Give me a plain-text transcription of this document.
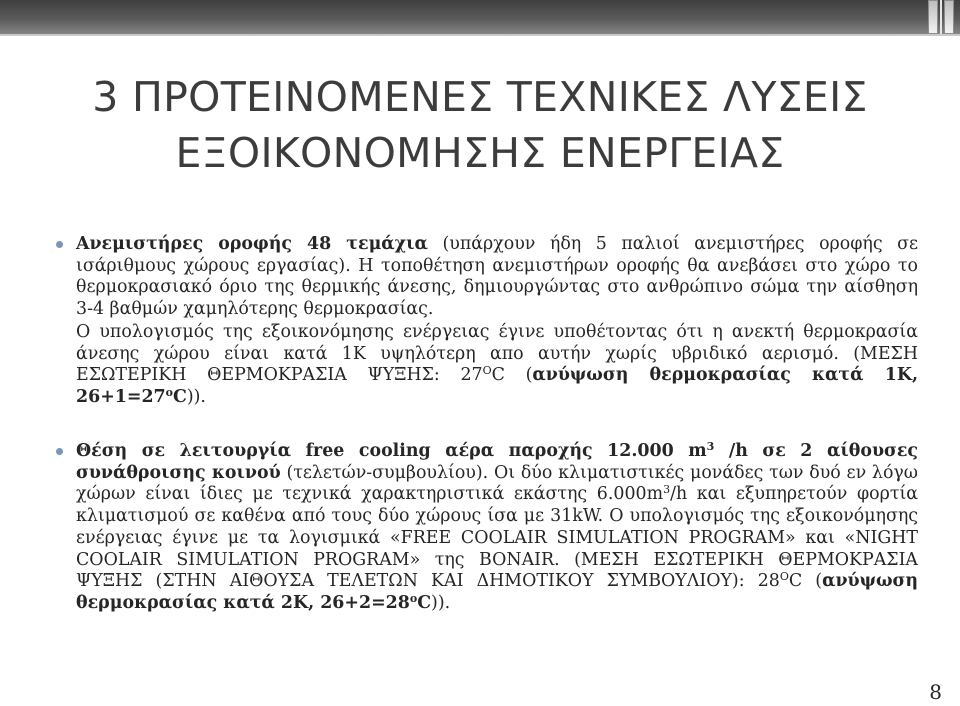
3 ΠΡΟΤΕΙΝΟΜΕΝΕΣ ΤΕΧΝΙΚΕΣ ΛΥΣΕΙΣ
ΕΞΟΙΚΟΝΟΜΗΣΗΣ ΕΝΕΡΓΕΙΑΣ
Ανεμιστήρες οροφής 48 τεμάχια (υπάρχουν ήδη 5 παλιοί ανεμιστήρες οροφής σε ισάριθμους χώρους εργασίας). Η τοποθέτηση ανεμιστήρων οροφής θα ανεβάσει στο χώρο το θερμοκρασιακό όριο της θερμικής άνεσης, δημιουργώντας στο ανθρώπινο σώμα την αίσθηση 3-4 βαθμών χαμηλότερης θερμοκρασίας.
Ο υπολογισμός της εξοικονόμησης ενέργειας έγινε υποθέτοντας ότι η ανεκτή θερμοκρασία άνεσης χώρου είναι κατά 1Κ υψηλότερη απο αυτήν χωρίς υβριδικό αερισμό. (ΜΕΣΗ ΕΣΩΤΕΡΙΚΗ ΘΕΡΜΟΚΡΑΣΙΑ ΨΥΞΗΣ: $27^OC$ (ανύψωση θερμοκρασίας κατά 1Κ, $26+1=27^oC$)).
Θέση σε λειτουργία free cooling αέρα παροχής 12.000 $m^3$ /h σε 2 αίθουσες συνάθροισης κοινού (τελετών-συμβουλίου). Οι δύο κλιματιστικές μονάδες των δυό εν λόγω χώρων είναι ίδιες με τεχνικά χαρακτηριστικά εκάστης $6.000m^3/h$ και εξυπηρετούν φορτία κλιματισμού σε καθένα από τους δύο χώρους ίσα με 31kW. Ο υπολογισμός της εξοικονόμησης ενέργειας έγινε με τα λογισμικά «FREE COOLAIR SIMULATION PROGRAM» και «NIGHT COOLAIR SIMULATION PROGRAM» της BONAIR. (ΜΕΣΗ ΕΣΩΤΕΡΙΚΗ ΘΕΡΜΟΚΡΑΣΙΑ ΨΥΞΗΣ (ΣΤΗΝ ΑΙΘΟΥΣΑ ΤΕΛΕΤΩΝ ΚΑΙ ΔΗΜΟΤΙΚΟΥ ΣΥΜΒΟΥΛΙΟΥ): $28^OC$ (ανύψωση θερμοκρασίας κατά 2Κ, $26+2=28^oC$)).
8
